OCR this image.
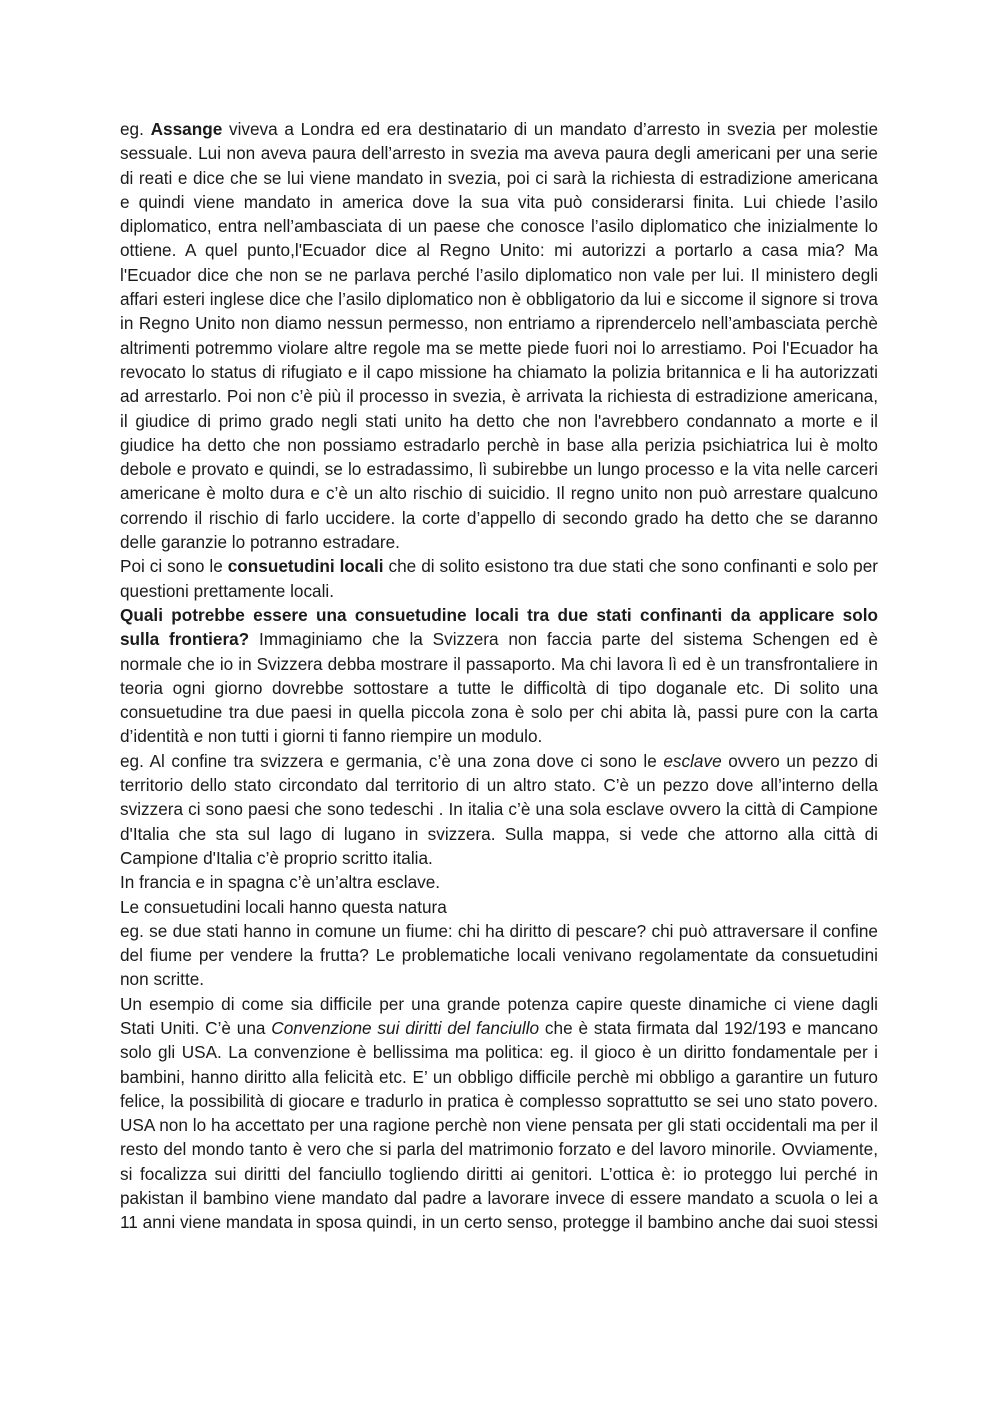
eg. Assange viveva a Londra ed era destinatario di un mandato d’arresto in svezia per molestie sessuale. Lui non aveva paura dell’arresto in svezia ma aveva paura degli americani per una serie di reati e dice che se lui viene mandato in svezia, poi ci sarà la richiesta di estradizione americana e quindi viene mandato in america dove la sua vita può considerarsi finita. Lui chiede l’asilo diplomatico, entra nell’ambasciata di un paese che conosce l’asilo diplomatico che inizialmente lo ottiene. A quel punto,l'Ecuador dice al Regno Unito: mi autorizzi a portarlo a casa mia? Ma l'Ecuador dice che non se ne parlava perché l’asilo diplomatico non vale per lui. Il ministero degli affari esteri inglese dice che l’asilo diplomatico non è obbligatorio da lui e siccome il signore si trova in Regno Unito non diamo nessun permesso, non entriamo a riprendercelo nell’ambasciata perchè altrimenti potremmo violare altre regole ma se mette piede fuori noi lo arrestiamo. Poi l'Ecuador ha revocato lo status di rifugiato e il capo missione ha chiamato la polizia britannica e li ha autorizzati ad arrestarlo. Poi non c’è più il processo in svezia, è arrivata la richiesta di estradizione americana, il giudice di primo grado negli stati unito ha detto che non l'avrebbero condannato a morte e il giudice ha detto che non possiamo estradarlo perchè in base alla perizia psichiatrica lui è molto debole e provato e quindi, se lo estradassimo, lì subirebbe un lungo processo e la vita nelle carceri americane è molto dura e c’è un alto rischio di suicidio. Il regno unito non può arrestare qualcuno correndo il rischio di farlo uccidere. la corte d’appello di secondo grado ha detto che se daranno delle garanzie lo potranno estradare.

Poi ci sono le consuetudini locali che di solito esistono tra due stati che sono confinanti e solo per questioni prettamente locali.

Quali potrebbe essere una consuetudine locali tra due stati confinanti da applicare solo sulla frontiera? Immaginiamo che la Svizzera non faccia parte del sistema Schengen ed è normale che io in Svizzera debba mostrare il passaporto. Ma chi lavora lì ed è un transfrontaliere in teoria ogni giorno dovrebbe sottostare a tutte le difficoltà di tipo doganale etc. Di solito una consuetudine tra due paesi in quella piccola zona è solo per chi abita là, passi pure con la carta d’identità e non tutti i giorni ti fanno riempire un modulo.

eg. Al confine tra svizzera e germania, c’è una zona dove ci sono le esclave ovvero un pezzo di territorio dello stato circondato dal territorio di un altro stato. C’è un pezzo dove all’interno della svizzera ci sono paesi che sono tedeschi . In italia c’è una sola esclave ovvero la città di Campione d'Italia che sta sul lago di lugano in svizzera. Sulla mappa, si vede che attorno alla città di Campione d'Italia c’è proprio scritto italia.

In francia e in spagna c’è un’altra esclave.

Le consuetudini locali hanno questa natura

eg. se due stati hanno in comune un fiume: chi ha diritto di pescare? chi può attraversare il confine del fiume per vendere la frutta? Le problematiche locali venivano regolamentate da consuetudini non scritte.

Un esempio di come sia difficile per una grande potenza capire queste dinamiche ci viene dagli Stati Uniti. C’è una Convenzione sui diritti del fanciullo che è stata firmata dal 192/193 e mancano solo gli USA. La convenzione è bellissima ma politica: eg. il gioco è un diritto fondamentale per i bambini, hanno diritto alla felicità etc. E’ un obbligo difficile perchè mi obbligo a garantire un futuro felice, la possibilità di giocare e tradurlo in pratica è complesso soprattutto se sei uno stato povero. USA non lo ha accettato per una ragione perchè non viene pensata per gli stati occidentali ma per il resto del mondo tanto è vero che si parla del matrimonio forzato e del lavoro minorile. Ovviamente, si focalizza sui diritti del fanciullo togliendo diritti ai genitori. L’ottica è: io proteggo lui perché in pakistan il bambino viene mandato dal padre a lavorare invece di essere mandato a scuola o lei a 11 anni viene mandata in sposa quindi, in un certo senso, protegge il bambino anche dai suoi stessi
